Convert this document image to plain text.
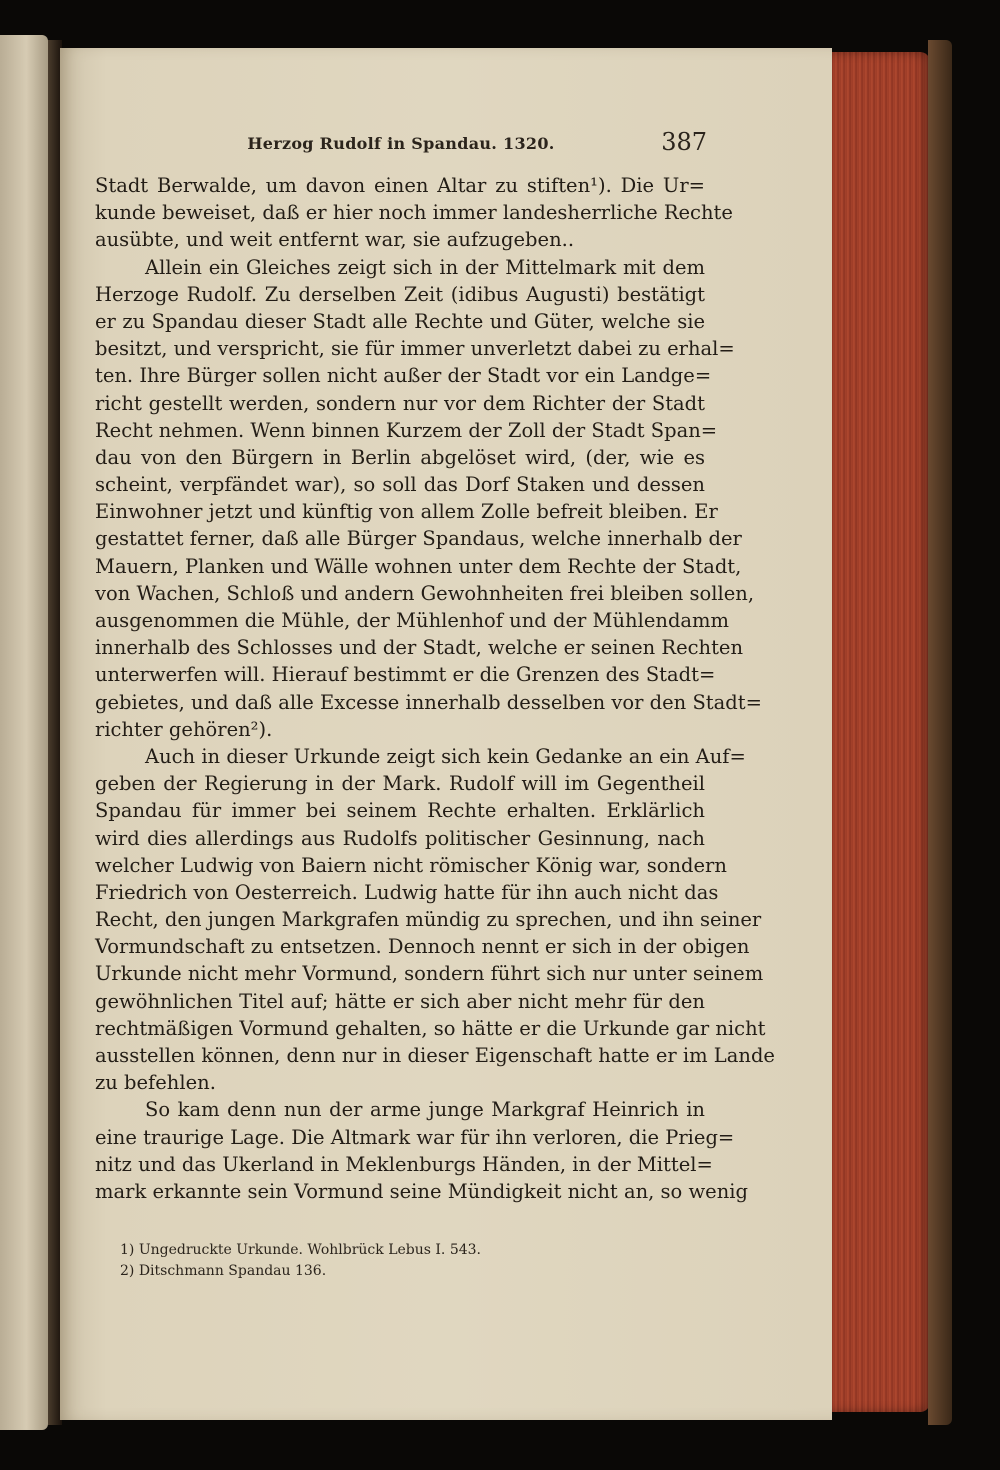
Herzog Rudolf in Spandau. 1320.	387
Stadt Berwalde, um davon einen Altar zu stiften¹). Die Ur=
kunde beweiset, daß er hier noch immer landesherrliche Rechte
ausübte, und weit entfernt war, sie aufzugeben..
Allein ein Gleiches zeigt sich in der Mittelmark mit dem
Herzoge Rudolf. Zu derselben Zeit (idibus Augusti) bestätigt
er zu Spandau dieser Stadt alle Rechte und Güter, welche sie
besitzt, und verspricht, sie für immer unverletzt dabei zu erhal=
ten. Ihre Bürger sollen nicht außer der Stadt vor ein Landge=
richt gestellt werden, sondern nur vor dem Richter der Stadt
Recht nehmen. Wenn binnen Kurzem der Zoll der Stadt Span=
dau von den Bürgern in Berlin abgelöset wird, (der, wie es
scheint, verpfändet war), so soll das Dorf Staken und dessen
Einwohner jetzt und künftig von allem Zolle befreit bleiben. Er
gestattet ferner, daß alle Bürger Spandaus, welche innerhalb der
Mauern, Planken und Wälle wohnen unter dem Rechte der Stadt,
von Wachen, Schloß und andern Gewohnheiten frei bleiben sollen,
ausgenommen die Mühle, der Mühlenhof und der Mühlendamm
innerhalb des Schlosses und der Stadt, welche er seinen Rechten
unterwerfen will. Hierauf bestimmt er die Grenzen des Stadt=
gebietes, und daß alle Excesse innerhalb desselben vor den Stadt=
richter gehören²).
Auch in dieser Urkunde zeigt sich kein Gedanke an ein Auf=
geben der Regierung in der Mark. Rudolf will im Gegentheil
Spandau für immer bei seinem Rechte erhalten. Erklärlich
wird dies allerdings aus Rudolfs politischer Gesinnung, nach
welcher Ludwig von Baiern nicht römischer König war, sondern
Friedrich von Oesterreich. Ludwig hatte für ihn auch nicht das
Recht, den jungen Markgrafen mündig zu sprechen, und ihn seiner
Vormundschaft zu entsetzen. Dennoch nennt er sich in der obigen
Urkunde nicht mehr Vormund, sondern führt sich nur unter seinem
gewöhnlichen Titel auf; hätte er sich aber nicht mehr für den
rechtmäßigen Vormund gehalten, so hätte er die Urkunde gar nicht
ausstellen können, denn nur in dieser Eigenschaft hatte er im Lande
zu befehlen.
So kam denn nun der arme junge Markgraf Heinrich in
eine traurige Lage. Die Altmark war für ihn verloren, die Prieg=
nitz und das Ukerland in Meklenburgs Händen, in der Mittel=
mark erkannte sein Vormund seine Mündigkeit nicht an, so wenig
1) Ungedruckte Urkunde. Wohlbrück Lebus I. 543.
2) Ditschmann Spandau 136.
